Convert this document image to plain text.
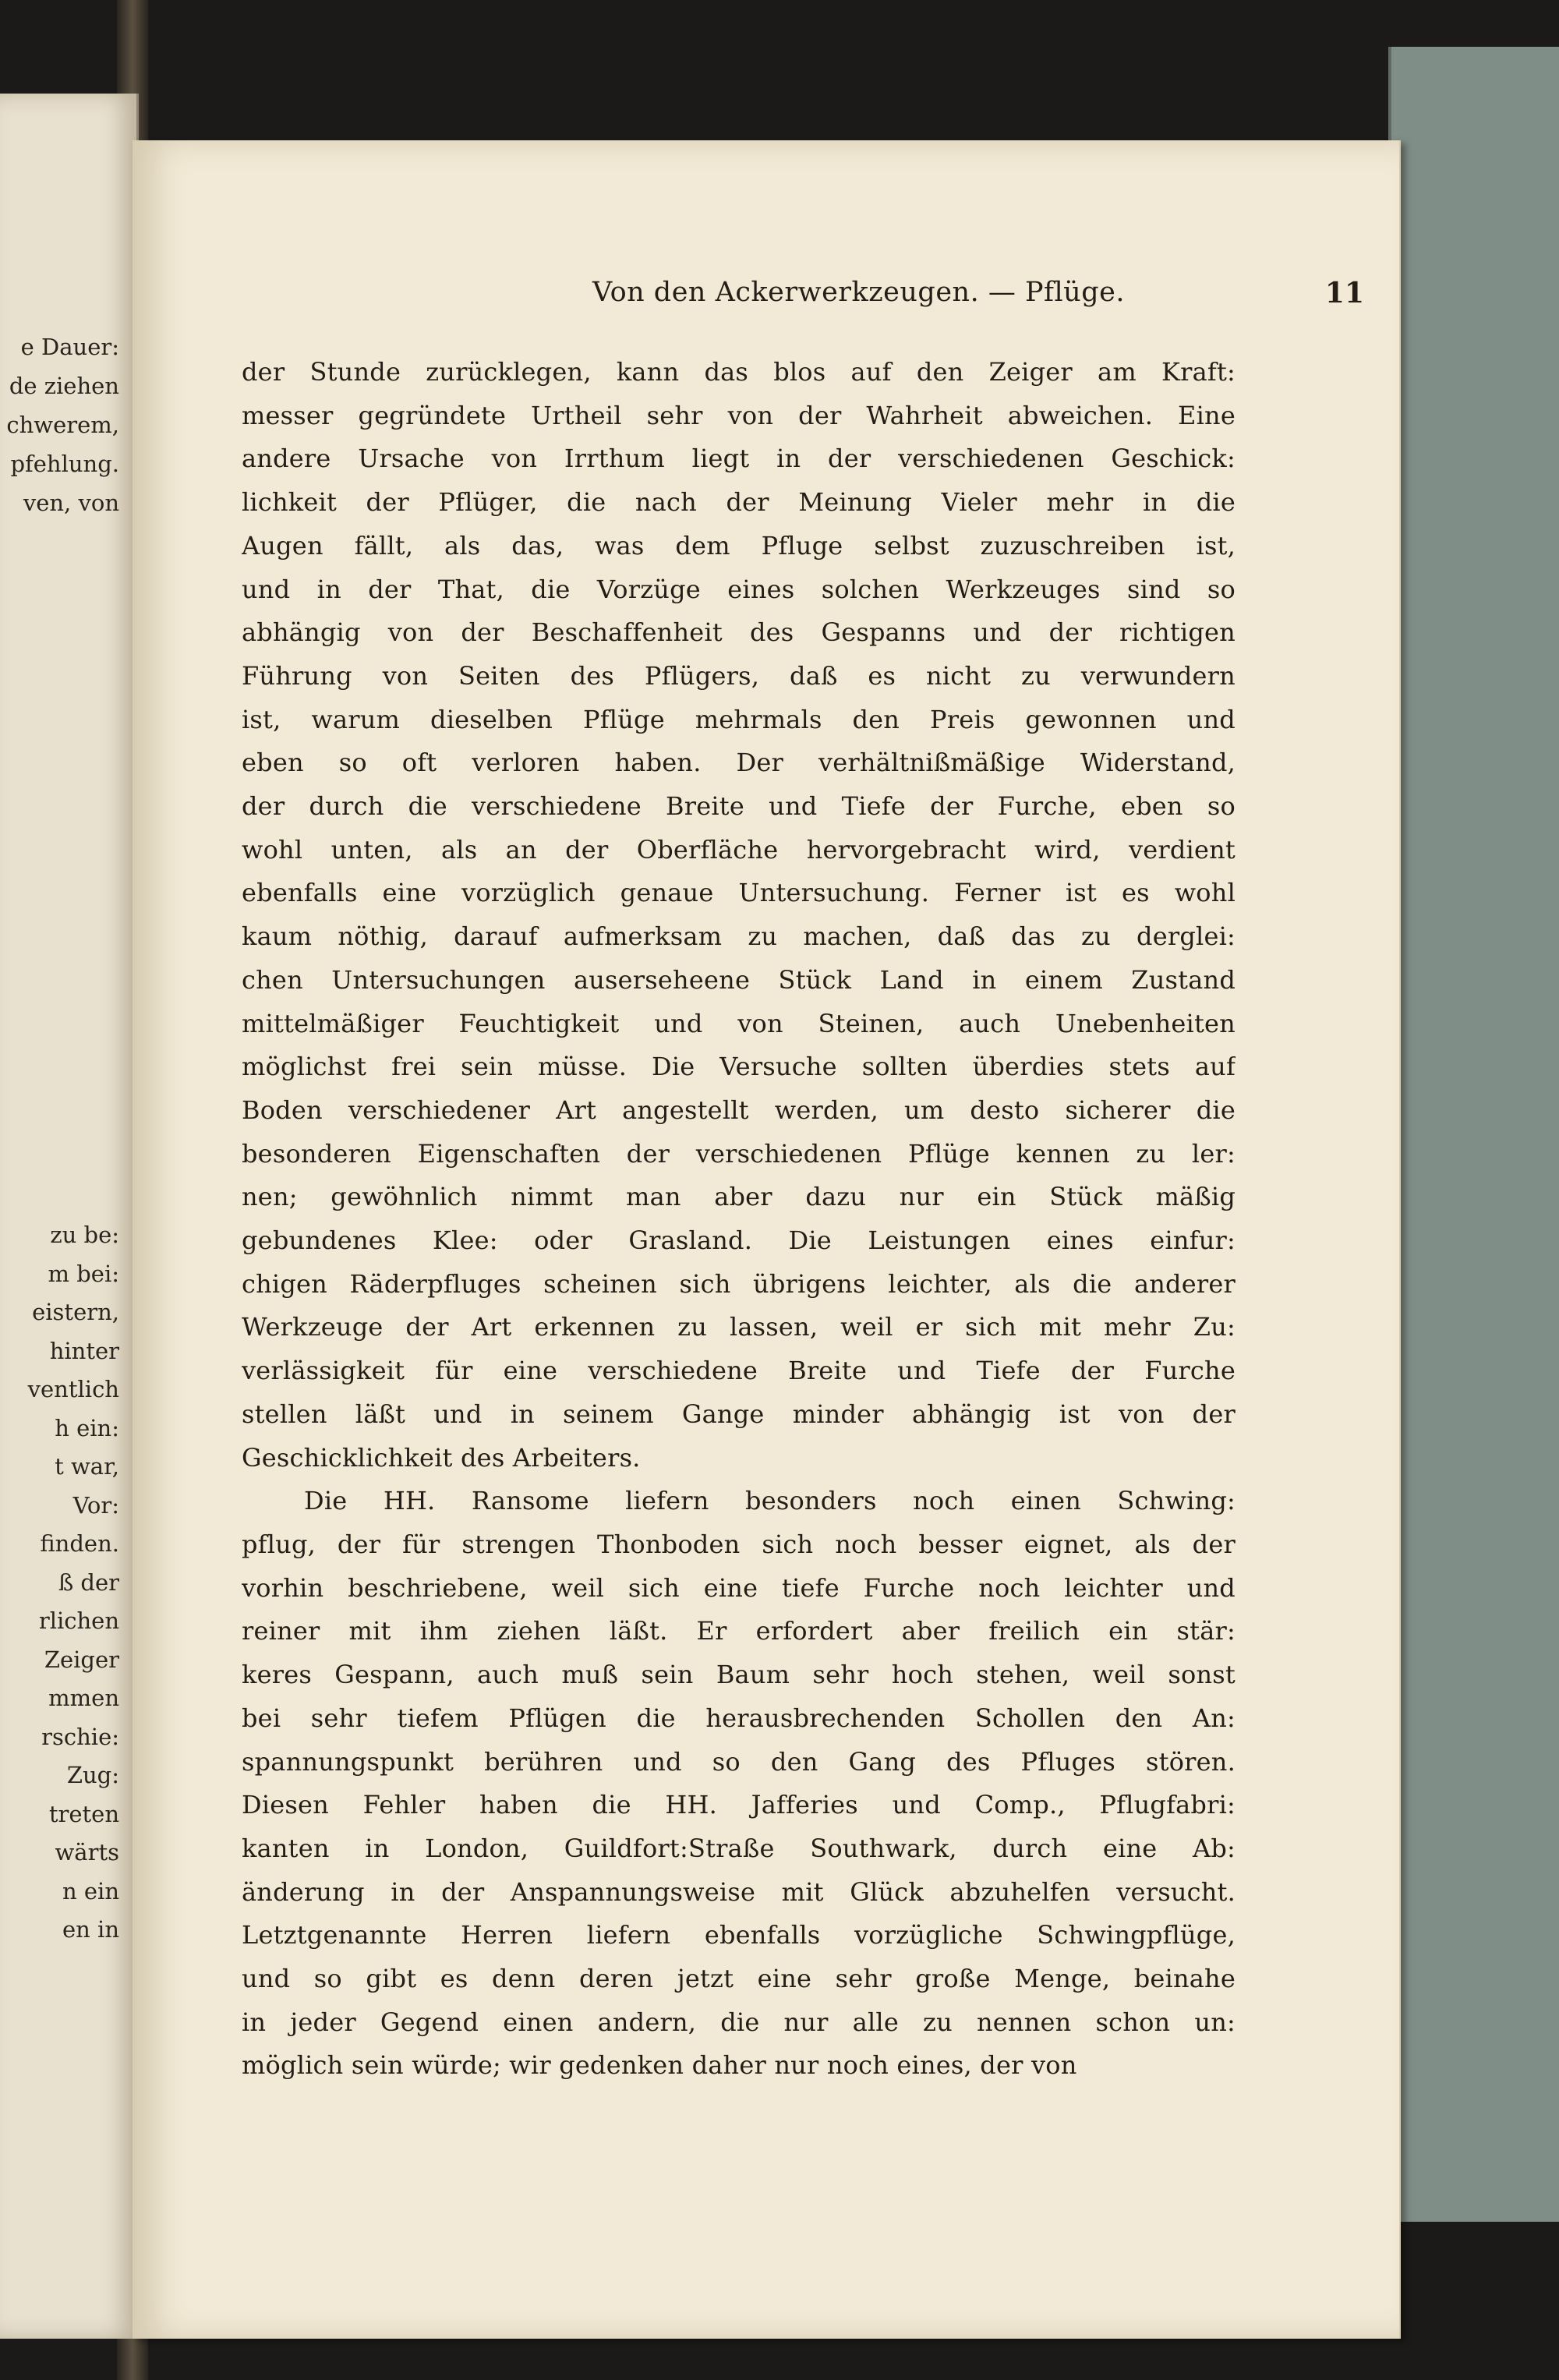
e Dauer:
de ziehen
chwerem,
pfehlung.
ven, von
zu be:
m bei:
eistern,
hinter
ventlich
h ein:
t war,
Vor:
finden.
ß der
rlichen
Zeiger
mmen
rschie:
Zug:
treten
wärts
n ein
en in
Von den Ackerwerkzeugen. — Pflüge.	11

der Stunde zurücklegen, kann das blos auf den Zeiger am Kraft:
messer gegründete Urtheil sehr von der Wahrheit abweichen. Eine
andere Ursache von Irrthum liegt in der verschiedenen Geschick:
lichkeit der Pflüger, die nach der Meinung Vieler mehr in die
Augen fällt, als das, was dem Pfluge selbst zuzuschreiben ist,
und in der That, die Vorzüge eines solchen Werkzeuges sind so
abhängig von der Beschaffenheit des Gespanns und der richtigen
Führung von Seiten des Pflügers, daß es nicht zu verwundern
ist, warum dieselben Pflüge mehrmals den Preis gewonnen und
eben so oft verloren haben. Der verhältnißmäßige Widerstand,
der durch die verschiedene Breite und Tiefe der Furche, eben so
wohl unten, als an der Oberfläche hervorgebracht wird, verdient
ebenfalls eine vorzüglich genaue Untersuchung. Ferner ist es wohl
kaum nöthig, darauf aufmerksam zu machen, daß das zu derglei:
chen Untersuchungen auserseheene Stück Land in einem Zustand
mittelmäßiger Feuchtigkeit und von Steinen, auch Unebenheiten
möglichst frei sein müsse. Die Versuche sollten überdies stets auf
Boden verschiedener Art angestellt werden, um desto sicherer die
besonderen Eigenschaften der verschiedenen Pflüge kennen zu ler:
nen; gewöhnlich nimmt man aber dazu nur ein Stück mäßig
gebundenes Klee: oder Grasland. Die Leistungen eines einfur:
chigen Räderpfluges scheinen sich übrigens leichter, als die anderer
Werkzeuge der Art erkennen zu lassen, weil er sich mit mehr Zu:
verlässigkeit für eine verschiedene Breite und Tiefe der Furche
stellen läßt und in seinem Gange minder abhängig ist von der
Geschicklichkeit des Arbeiters.

Die HH. Ransome liefern besonders noch einen Schwing:
pflug, der für strengen Thonboden sich noch besser eignet, als der
vorhin beschriebene, weil sich eine tiefe Furche noch leichter und
reiner mit ihm ziehen läßt. Er erfordert aber freilich ein stär:
keres Gespann, auch muß sein Baum sehr hoch stehen, weil sonst
bei sehr tiefem Pflügen die herausbrechenden Schollen den An:
spannungspunkt berühren und so den Gang des Pfluges stören.
Diesen Fehler haben die HH. Jafferies und Comp., Pflugfabri:
kanten in London, Guildfort:Straße Southwark, durch eine Ab:
änderung in der Anspannungsweise mit Glück abzuhelfen versucht.
Letztgenannte Herren liefern ebenfalls vorzügliche Schwingpflüge,
und so gibt es denn deren jetzt eine sehr große Menge, beinahe
in jeder Gegend einen andern, die nur alle zu nennen schon un:
möglich sein würde; wir gedenken daher nur noch eines, der von
